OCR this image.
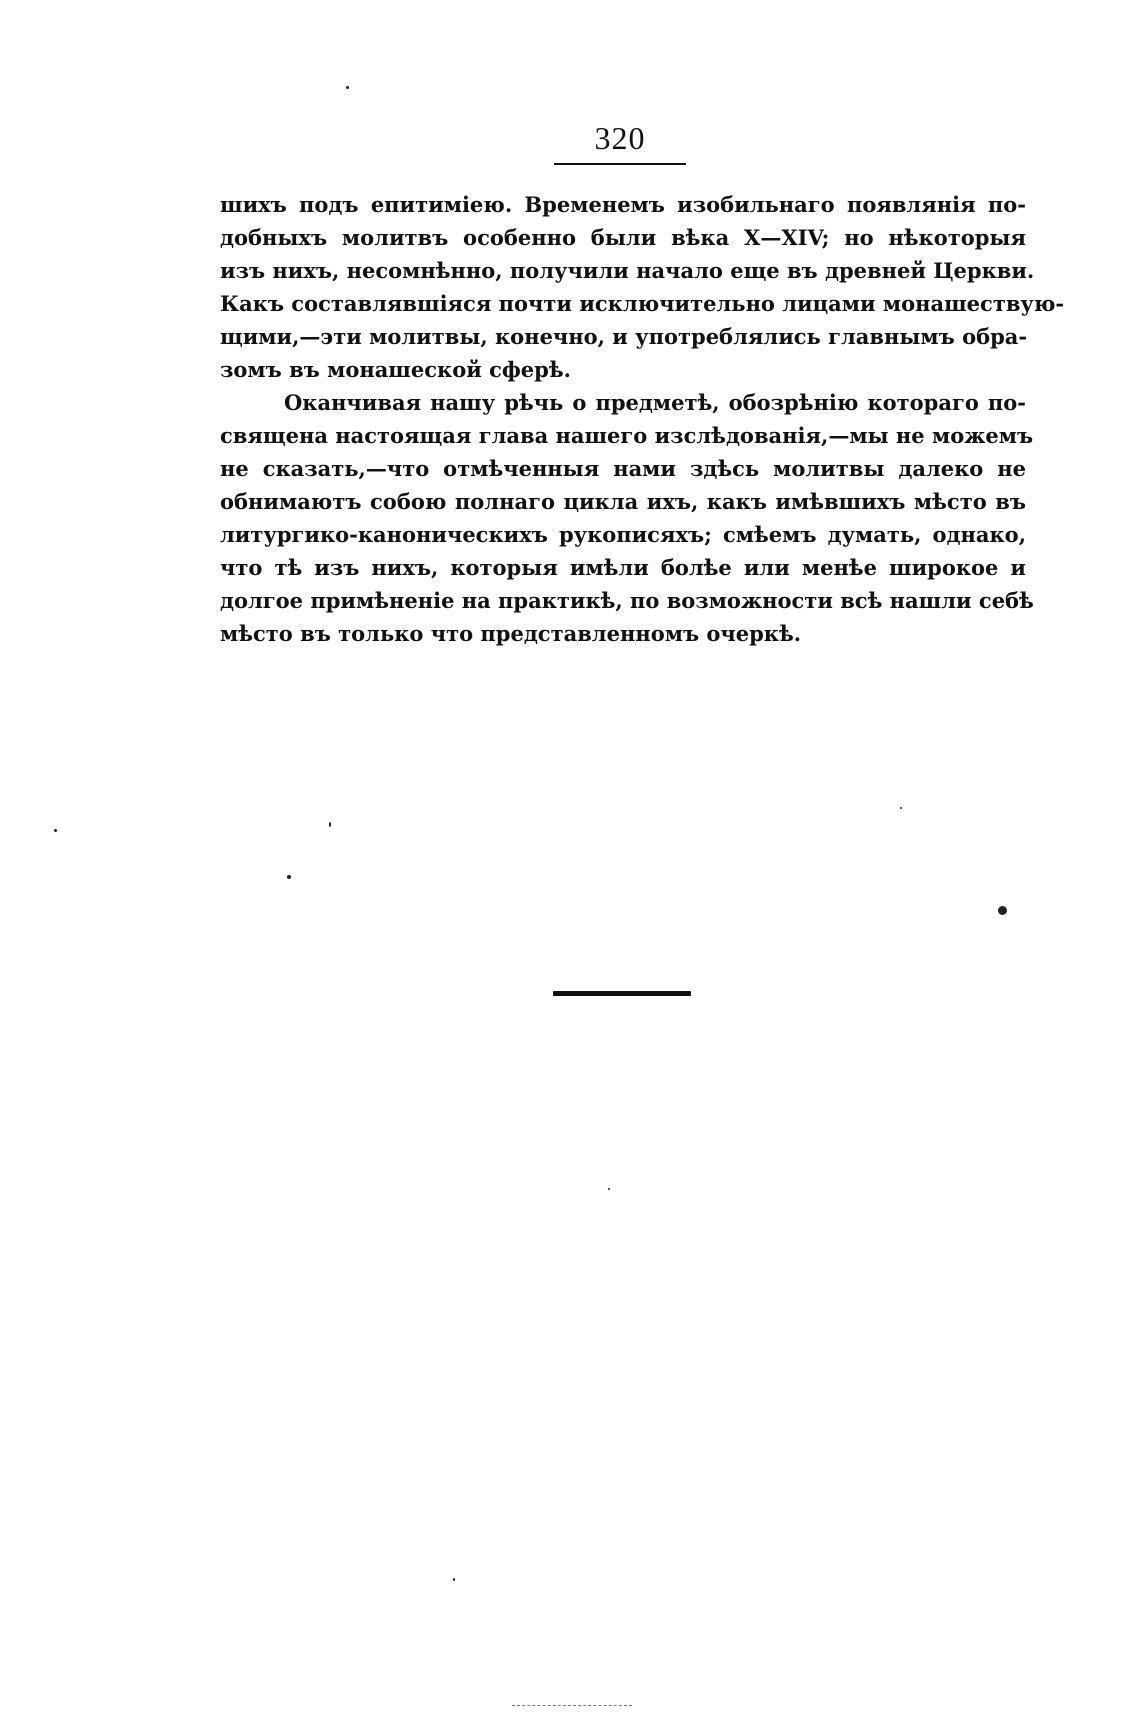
320
шихъ подъ епитиміею. Временемъ изобильнаго появлянія по-
добныхъ молитвъ особенно были вѣка X—XIV; но нѣкоторыя
изъ нихъ, несомнѣнно, получили начало еще въ древней Церкви.
Какъ составлявшіяся почти исключительно лицами монашествую-
щими,—эти молитвы, конечно, и употреблялись главнымъ обра-
зомъ въ монашеской сферѣ.
Оканчивая нашу рѣчь о предметѣ, обозрѣнію котораго по-
священа настоящая глава нашего изслѣдованія,—мы не можемъ
не сказать,—что отмѣченныя нами здѣсь молитвы далеко не
обнимаютъ собою полнаго цикла ихъ, какъ имѣвшихъ мѣсто въ
литургико-каноническихъ рукописяхъ; смѣемъ думать, однако,
что тѣ изъ нихъ, которыя имѣли болѣе или менѣе широкое и
долгое примѣненіе на практикѣ, по возможности всѣ нашли себѣ
мѣсто въ только что представленномъ очеркѣ.
